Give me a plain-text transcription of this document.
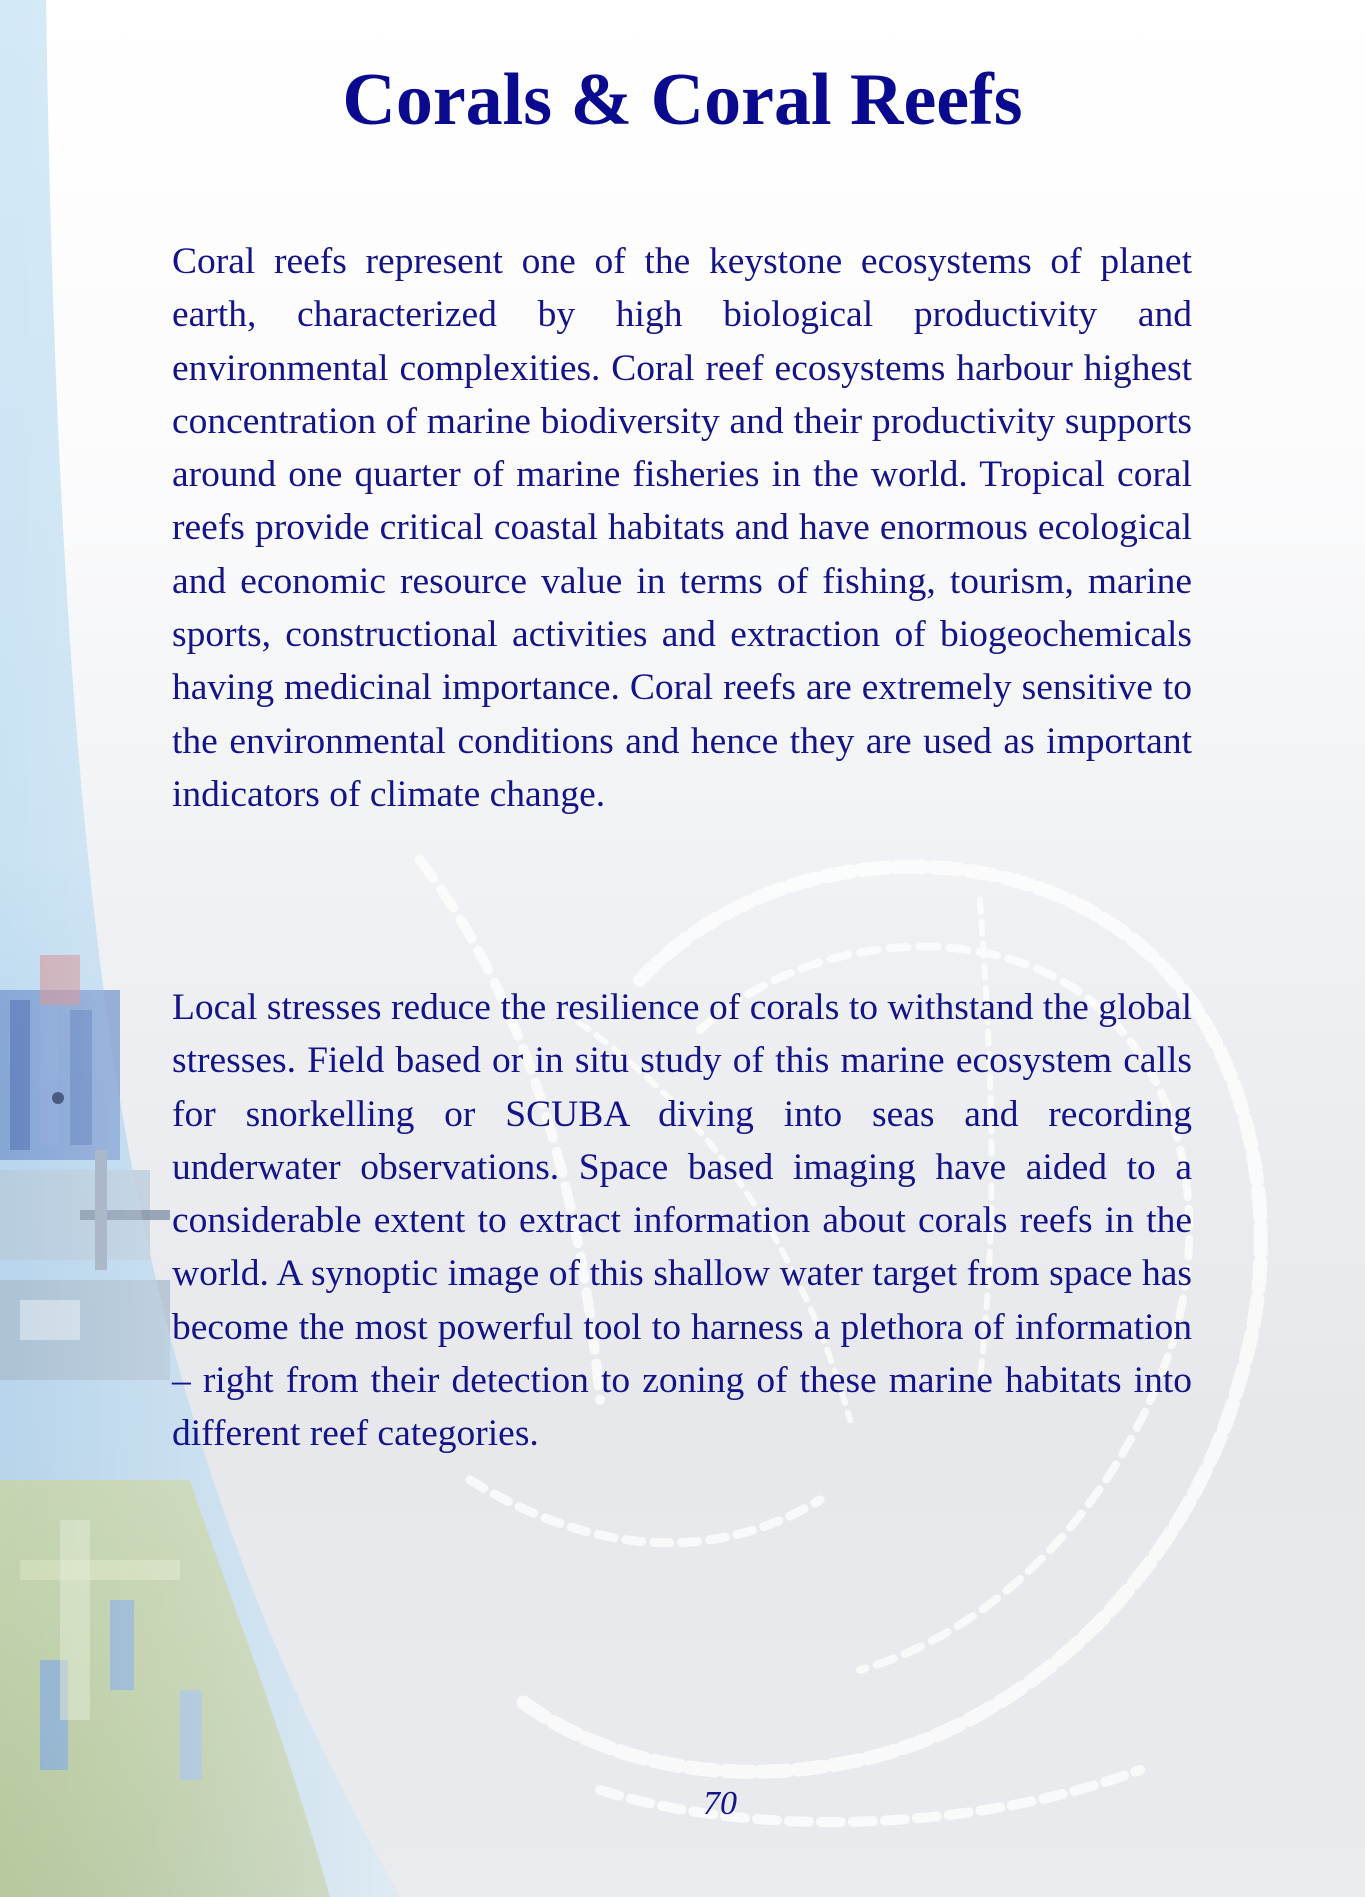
Corals & Coral Reefs

Coral reefs represent one of the keystone ecosystems of planet earth, characterized by high biological productivity and environmental complexities. Coral reef ecosystems harbour highest concentration of marine biodiversity and their productivity supports around one quarter of marine fisheries in the world. Tropical coral reefs provide critical coastal habitats and have enormous ecological and economic resource value in terms of fishing, tourism, marine sports, constructional activities and extraction of biogeochemicals having medicinal importance. Coral reefs are extremely sensitive to the environmental conditions and hence they are used as important indicators of climate change.

Local stresses reduce the resilience of corals to withstand the global stresses. Field based or in situ study of this marine ecosystem calls for snorkelling or SCUBA diving into seas and recording underwater observations. Space based imaging have aided to a considerable extent to extract information about corals reefs in the world. A synoptic image of this shallow water target from space has become the most powerful tool to harness a plethora of information – right from their detection to zoning of these marine habitats into different reef categories.

70
